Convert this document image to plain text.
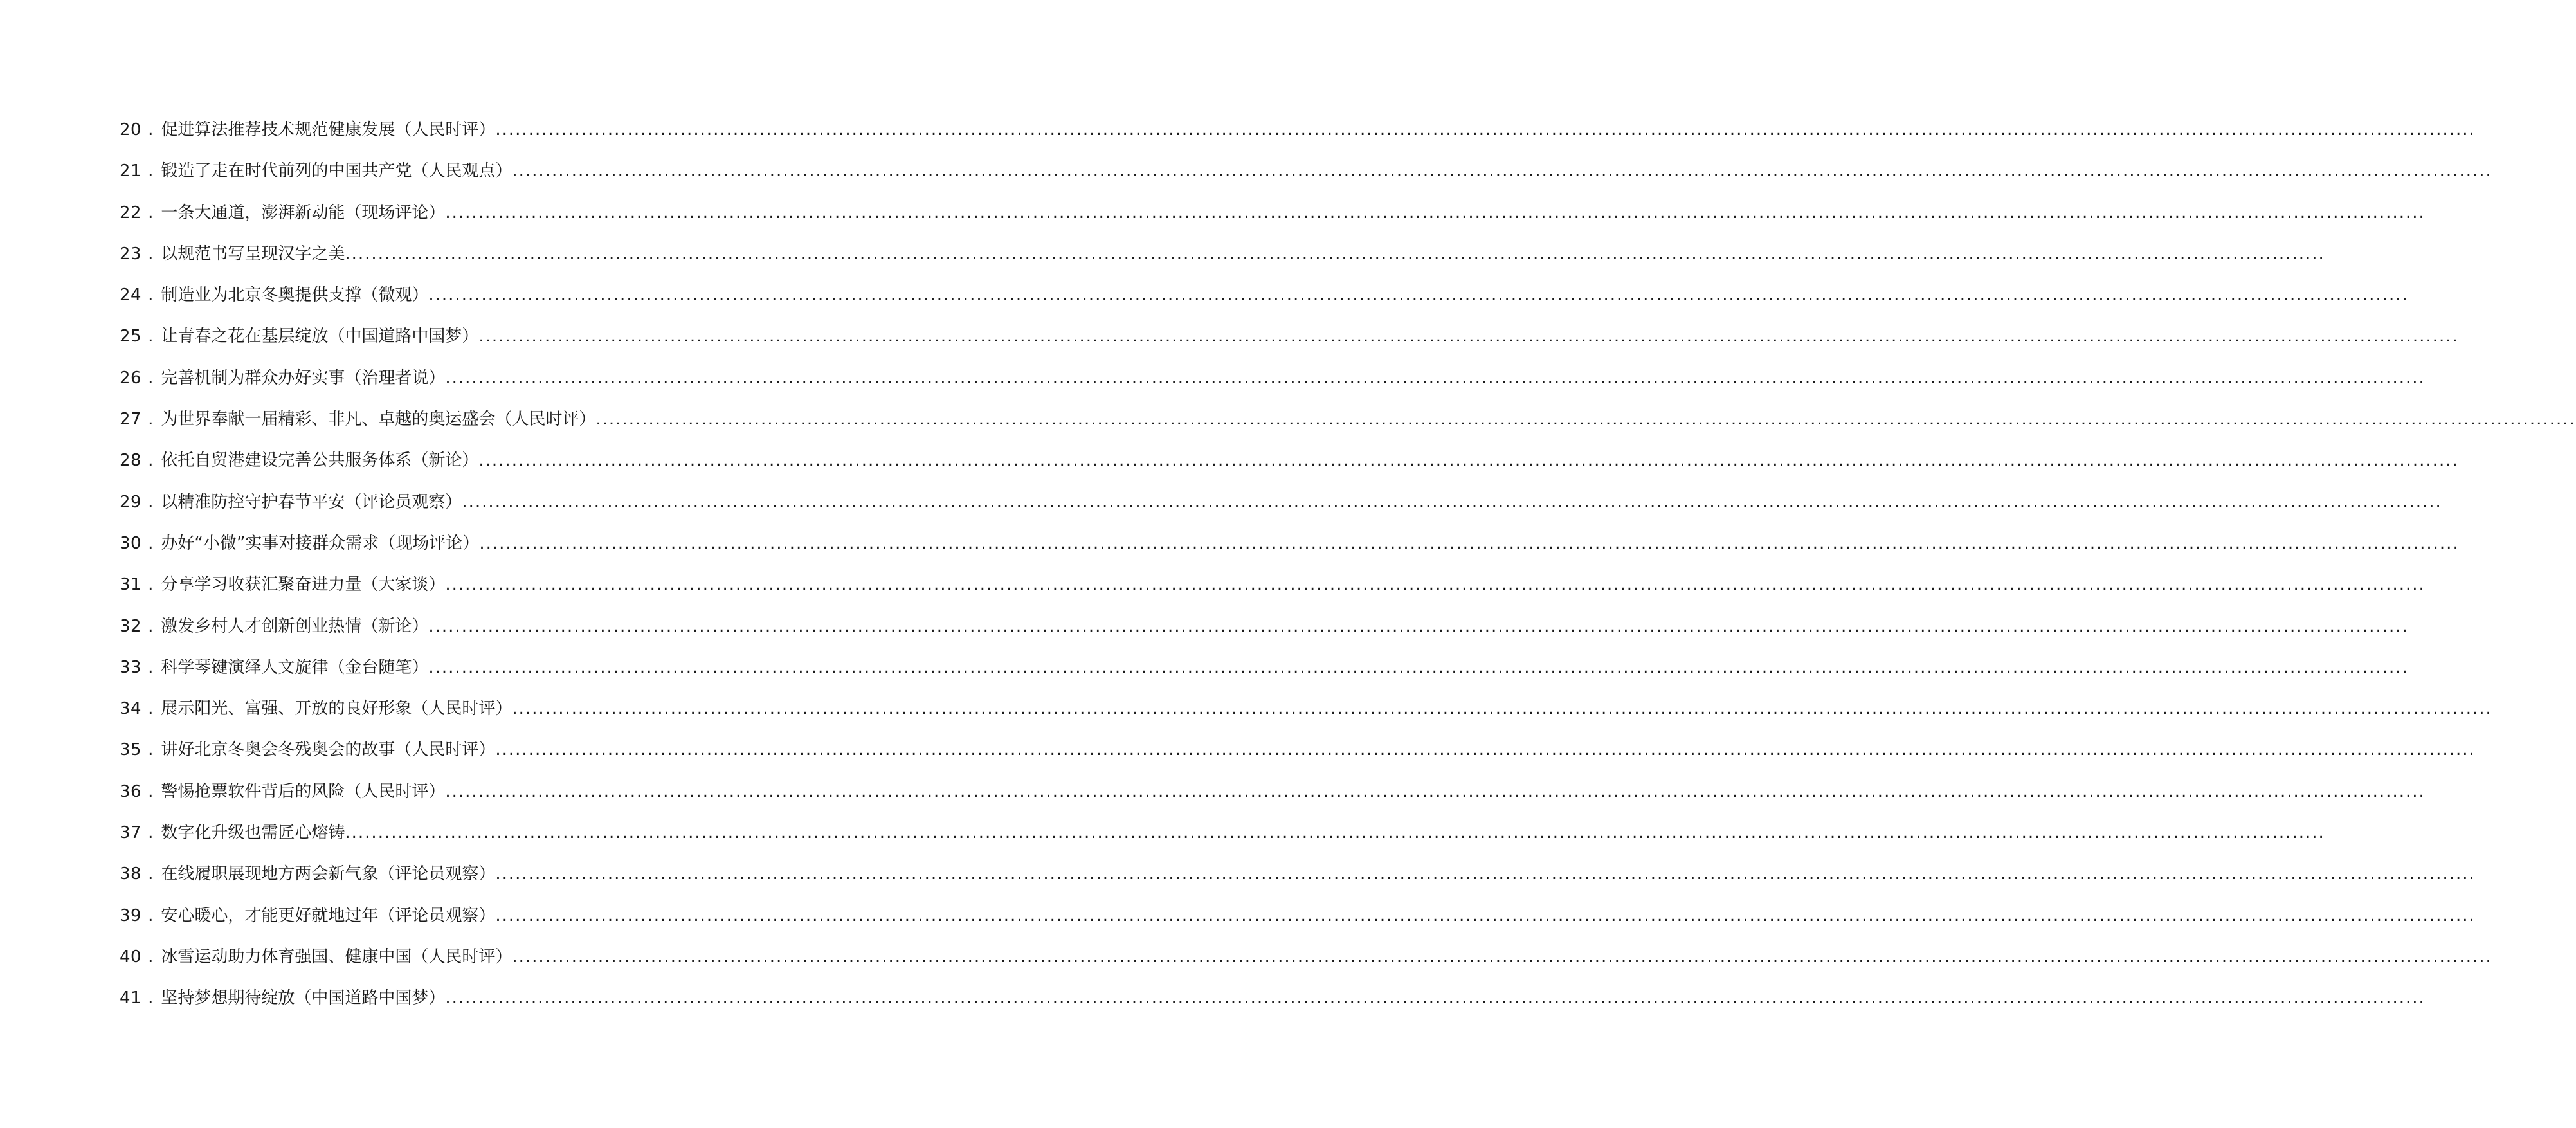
20 . 促进算法推荐技术规范健康发展（人民时评） ............................................................................................................................................................................................................................................................................................................
21 . 锻造了走在时代前列的中国共产党（人民观点） ............................................................................................................................................................................................................................................................................................................
22 . 一条大通道，澎湃新动能（现场评论） ............................................................................................................................................................................................................................................................................................................
23 . 以规范书写呈现汉字之美 ............................................................................................................................................................................................................................................................................................................
24 . 制造业为北京冬奥提供支撑（微观） ............................................................................................................................................................................................................................................................................................................
25 . 让青春之花在基层绽放（中国道路中国梦） ............................................................................................................................................................................................................................................................................................................
26 . 完善机制为群众办好实事（治理者说） ............................................................................................................................................................................................................................................................................................................
27 . 为世界奉献一届精彩、非凡、卓越的奥运盛会（人民时评） ............................................................................................................................................................................................................................................................................................................
28 . 依托自贸港建设完善公共服务体系（新论） ............................................................................................................................................................................................................................................................................................................
29 . 以精准防控守护春节平安（评论员观察） ............................................................................................................................................................................................................................................................................................................
30 . 办好“小微”实事对接群众需求（现场评论） ............................................................................................................................................................................................................................................................................................................
31 . 分享学习收获汇聚奋进力量（大家谈） ............................................................................................................................................................................................................................................................................................................
32 . 激发乡村人才创新创业热情（新论） ............................................................................................................................................................................................................................................................................................................
33 . 科学琴键演绎人文旋律（金台随笔） ............................................................................................................................................................................................................................................................................................................
34 . 展示阳光、富强、开放的良好形象（人民时评） ............................................................................................................................................................................................................................................................................................................
35 . 讲好北京冬奥会冬残奥会的故事（人民时评） ............................................................................................................................................................................................................................................................................................................
36 . 警惕抢票软件背后的风险（人民时评） ............................................................................................................................................................................................................................................................................................................
37 . 数字化升级也需匠心熔铸 ............................................................................................................................................................................................................................................................................................................
38 . 在线履职展现地方两会新气象（评论员观察） ............................................................................................................................................................................................................................................................................................................
39 . 安心暖心，才能更好就地过年（评论员观察） ............................................................................................................................................................................................................................................................................................................
40 . 冰雪运动助力体育强国、健康中国（人民时评） ............................................................................................................................................................................................................................................................................................................
41 . 坚持梦想期待绽放（中国道路中国梦） ............................................................................................................................................................................................................................................................................................................
